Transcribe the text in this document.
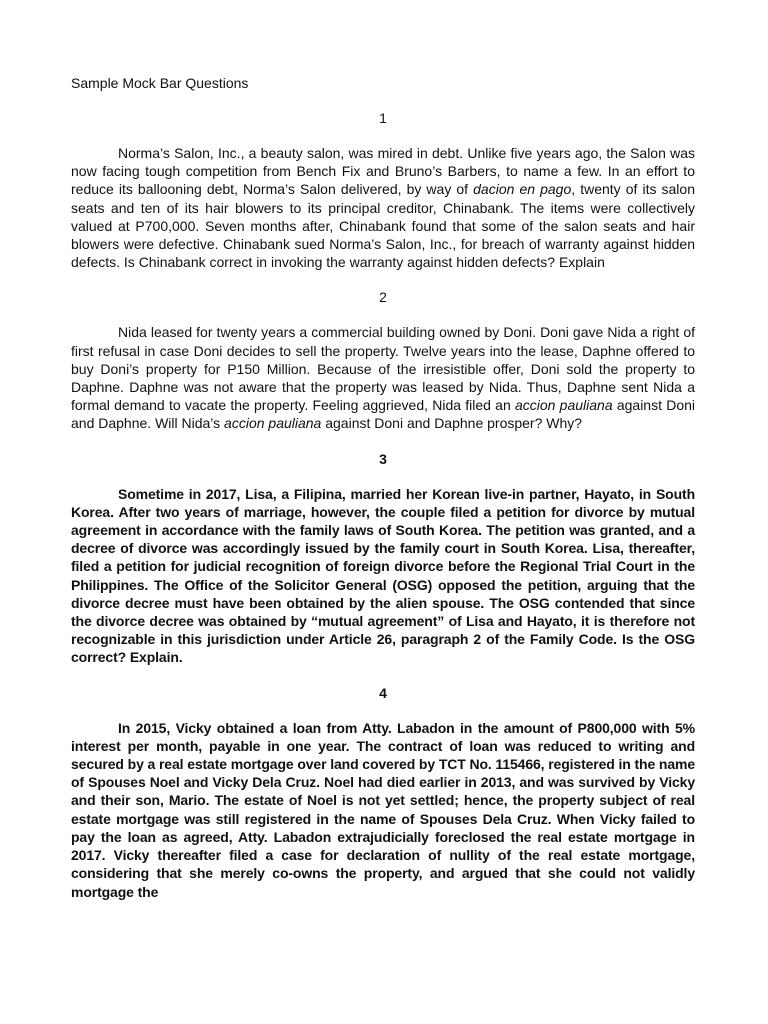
Sample Mock Bar Questions
1

Norma’s Salon, Inc., a beauty salon, was mired in debt. Unlike five years ago, the Salon was now facing tough competition from Bench Fix and Bruno’s Barbers, to name a few. In an effort to reduce its ballooning debt, Norma’s Salon delivered, by way of dacion en pago, twenty of its salon seats and ten of its hair blowers to its principal creditor, Chinabank. The items were collectively valued at P700,000. Seven months after, Chinabank found that some of the salon seats and hair blowers were defective. Chinabank sued Norma’s Salon, Inc., for breach of warranty against hidden defects. Is Chinabank correct in invoking the warranty against hidden defects? Explain

2

Nida leased for twenty years a commercial building owned by Doni. Doni gave Nida a right of first refusal in case Doni decides to sell the property. Twelve years into the lease, Daphne offered to buy Doni’s property for P150 Million. Because of the irresistible offer, Doni sold the property to Daphne. Daphne was not aware that the property was leased by Nida. Thus, Daphne sent Nida a formal demand to vacate the property. Feeling aggrieved, Nida filed an accion pauliana against Doni and Daphne. Will Nida’s accion pauliana against Doni and Daphne prosper? Why?

3

Sometime in 2017, Lisa, a Filipina, married her Korean live-in partner, Hayato, in South Korea. After two years of marriage, however, the couple filed a petition for divorce by mutual agreement in accordance with the family laws of South Korea. The petition was granted, and a decree of divorce was accordingly issued by the family court in South Korea. Lisa, thereafter, filed a petition for judicial recognition of foreign divorce before the Regional Trial Court in the Philippines. The Office of the Solicitor General (OSG) opposed the petition, arguing that the divorce decree must have been obtained by the alien spouse. The OSG contended that since the divorce decree was obtained by “mutual agreement” of Lisa and Hayato, it is therefore not recognizable in this jurisdiction under Article 26, paragraph 2 of the Family Code. Is the OSG correct? Explain.

4

In 2015, Vicky obtained a loan from Atty. Labadon in the amount of P800,000 with 5% interest per month, payable in one year. The contract of loan was reduced to writing and secured by a real estate mortgage over land covered by TCT No. 115466, registered in the name of Spouses Noel and Vicky Dela Cruz. Noel had died earlier in 2013, and was survived by Vicky and their son, Mario. The estate of Noel is not yet settled; hence, the property subject of real estate mortgage was still registered in the name of Spouses Dela Cruz. When Vicky failed to pay the loan as agreed, Atty. Labadon extrajudicially foreclosed the real estate mortgage in 2017. Vicky thereafter filed a case for declaration of nullity of the real estate mortgage, considering that she merely co-owns the property, and argued that she could not validly mortgage the
